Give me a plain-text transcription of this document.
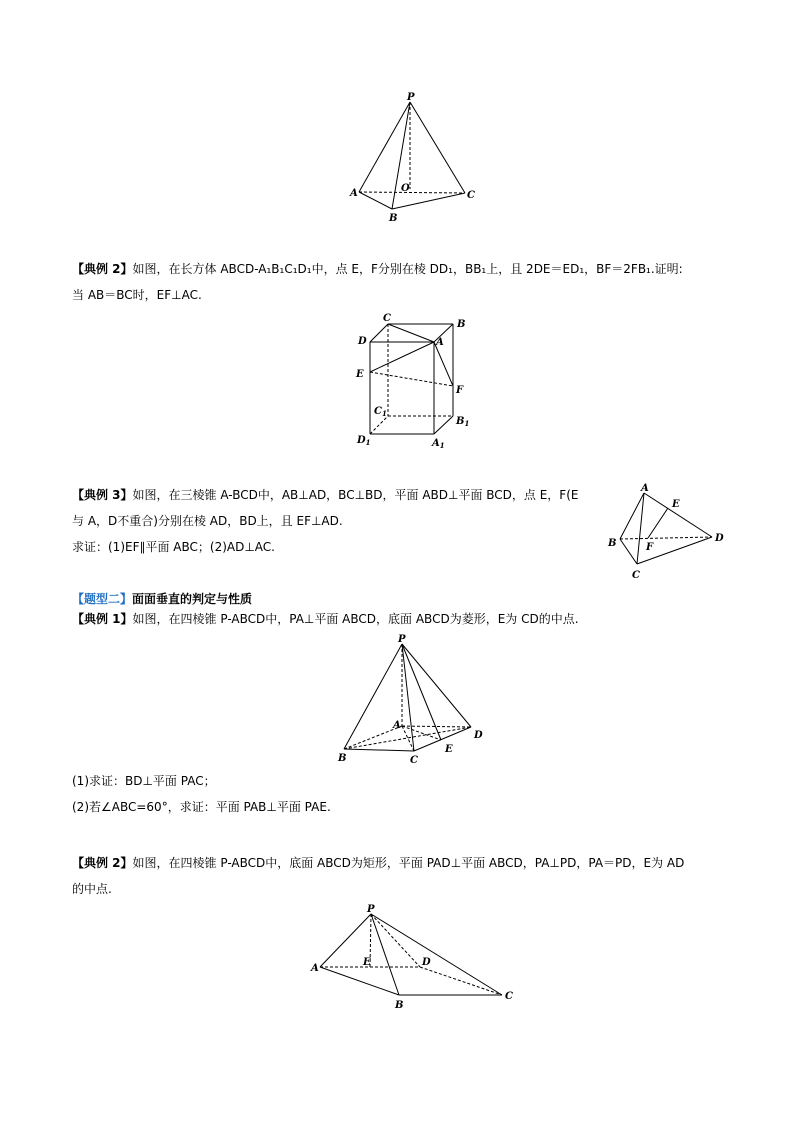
P
A	O
C
B
【典例 2】如图，在长方体 ABCD-A₁B₁C₁D₁中，点 E，F分别在棱 DD₁，BB₁上，且 2DE＝ED₁，BF＝2FB₁.证明:
当 AB＝BC时，EF⊥AC.
C
B
D	A
E
F
$C_1$
$B_1$
$D_1$	$A_1$
【典例 3】如图，在三棱锥 A-BCD中，AB⊥AD，BC⊥BD，平面 ABD⊥平面 BCD，点 E，F(E
与 A，D不重合)分别在棱 AD，BD上，且 EF⊥AD.
求证：(1)EF∥平面 ABC；(2)AD⊥AC.
A
E
B	F
D
C
【题型二】面面垂直的判定与性质
【典例 1】如图，在四棱锥 P-ABCD中，PA⊥平面 ABCD，底面 ABCD为菱形，E为 CD的中点.
P
A
D
E
B	C
(1)求证：BD⊥平面 PAC；
(2)若∠ABC=60°，求证：平面 PAB⊥平面 PAE.
【典例 2】如图，在四棱锥 P-ABCD中，底面 ABCD为矩形，平面 PAD⊥平面 ABCD，PA⊥PD，PA＝PD，E为 AD
的中点.
P
A
E	D
B
C
